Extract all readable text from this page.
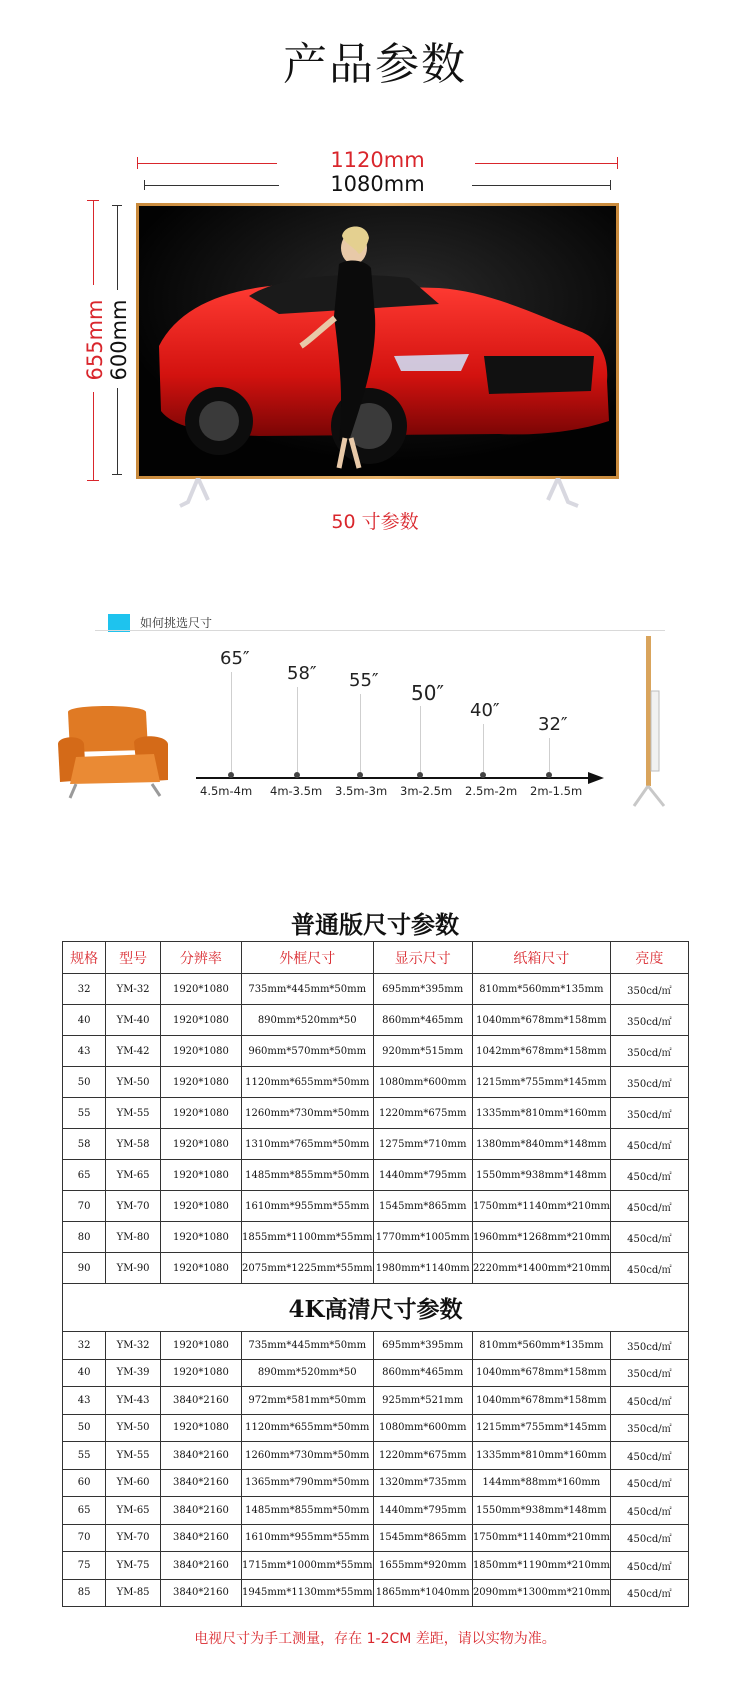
产品参数
1120mm
1080mm
655mm 600mm
50 寸参数
如何挑选尺寸
65″
58″ 55″
50″
40″
32″
4.5m-4m 4m-3.5m 3.5m-3m 3m-2.5m 2.5m-2m 2m-1.5m
普通版尺寸参数
规格	型号	分辨率	外框尺寸	显示尺寸	纸箱尺寸	亮度
32	YM-32	1920*1080	735mm*445mm*50mm	695mm*395mm	810mm*560mm*135mm	350cd/㎡
40	YM-40	1920*1080	890mm*520mm*50	860mm*465mm	1040mm*678mm*158mm	350cd/㎡
43	YM-42	1920*1080	960mm*570mm*50mm	920mm*515mm	1042mm*678mm*158mm	350cd/㎡
50	YM-50	1920*1080	1120mm*655mm*50mm	1080mm*600mm	1215mm*755mm*145mm	350cd/㎡
55	YM-55	1920*1080	1260mm*730mm*50mm	1220mm*675mm	1335mm*810mm*160mm	350cd/㎡
58	YM-58	1920*1080	1310mm*765mm*50mm	1275mm*710mm	1380mm*840mm*148mm	450cd/㎡
65	YM-65	1920*1080	1485mm*855mm*50mm	1440mm*795mm	1550mm*938mm*148mm	450cd/㎡
70	YM-70	1920*1080	1610mm*955mm*55mm	1545mm*865mm	1750mm*1140mm*210mm	450cd/㎡
80	YM-80	1920*1080	1855mm*1100mm*55mm	1770mm*1005mm	1960mm*1268mm*210mm	450cd/㎡
90	YM-90	1920*1080	2075mm*1225mm*55mm	1980mm*1140mm	2220mm*1400mm*210mm	450cd/㎡
4K高清尺寸参数						
32	YM-32	1920*1080	735mm*445mm*50mm	695mm*395mm	810mm*560mm*135mm	350cd/㎡
40	YM-39	1920*1080	890mm*520mm*50	860mm*465mm	1040mm*678mm*158mm	350cd/㎡
43	YM-43	3840*2160	972mm*581mm*50mm	925mm*521mm	1040mm*678mm*158mm	450cd/㎡
50	YM-50	1920*1080	1120mm*655mm*50mm	1080mm*600mm	1215mm*755mm*145mm	350cd/㎡
55	YM-55	3840*2160	1260mm*730mm*50mm	1220mm*675mm	1335mm*810mm*160mm	450cd/㎡
60	YM-60	3840*2160	1365mm*790mm*50mm	1320mm*735mm	144mm*88mm*160mm	450cd/㎡
65	YM-65	3840*2160	1485mm*855mm*50mm	1440mm*795mm	1550mm*938mm*148mm	450cd/㎡
70	YM-70	3840*2160	1610mm*955mm*55mm	1545mm*865mm	1750mm*1140mm*210mm	450cd/㎡
75	YM-75	3840*2160	1715mm*1000mm*55mm	1655mm*920mm	1850mm*1190mm*210mm	450cd/㎡
85	YM-85	3840*2160	1945mm*1130mm*55mm	1865mm*1040mm	2090mm*1300mm*210mm	450cd/㎡
电视尺寸为手工测量，存在 1-2CM 差距，请以实物为准。
